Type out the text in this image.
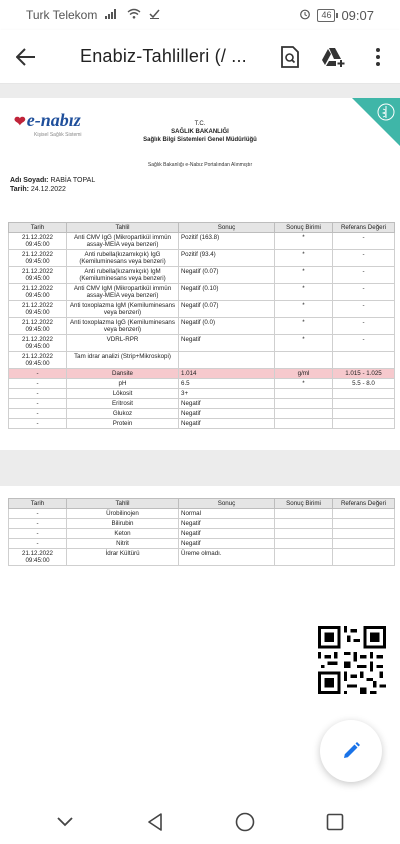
Turk Telekom	46 09:07
Enabiz-Tahlilleri (/ ...
❤e-nabız
Kişisel Sağlık Sistemi
T.C.
SAĞLIK BAKANLIĞI
Sağlık Bilgi Sistemleri Genel Müdürlüğü
Sağlık Bakanlığı e-Nabız Portalından Alınmıştır
Adı Soyadı: RABİA TOPAL
Tarih: 24.12.2022
Tarih	Tahlil	Sonuç	Sonuç Birimi	Referans Değeri
21.12.2022
09:45:00	Anti CMV IgG (Mikropartikül immün assay-MEIA veya benzeri)	Pozitif (163.8)	*	-
21.12.2022
09:45:00	Anti rubella(kızamıkçık) IgG (Kemiluminesans veya benzeri)	Pozitif (93.4)	*	-
21.12.2022
09:45:00	Anti rubella(kızamıkçık) IgM (Kemiluminesans veya benzeri)	Negatif (0.07)	*	-
21.12.2022
09:45:00	Anti CMV IgM (Mikropartikül immün assay-MEIA veya benzeri)	Negatif (0.10)	*	-
21.12.2022
09:45:00	Anti toxoplazma IgM (Kemiluminesans veya benzeri)	Negatif (0.07)	*	-
21.12.2022
09:45:00	Anti toxoplazma IgG (Kemiluminesans veya benzeri)	Negatif (0.0)	*	-
21.12.2022
09:45:00	VDRL-RPR	Negatif	*	-
21.12.2022
09:45:00	Tam idrar analizi (Strip+Mikroskopi)			
-	Dansite	1.014	g/ml	1.015 - 1.025
-	pH	6.5	*	5.5 - 8.0
-	Lökosit	3+		
-	Eritrosit	Negatif		
-	Glukoz	Negatif		
-	Protein	Negatif		
Tarih	Tahlil	Sonuç	Sonuç Birimi	Referans Değeri
-	Ürobilinojen	Normal		
-	Bilirubin	Negatif		
-	Keton	Negatif		
-	Nitrit	Negatif		
21.12.2022
09:45:00	İdrar Kültürü	Üreme olmadı.		
